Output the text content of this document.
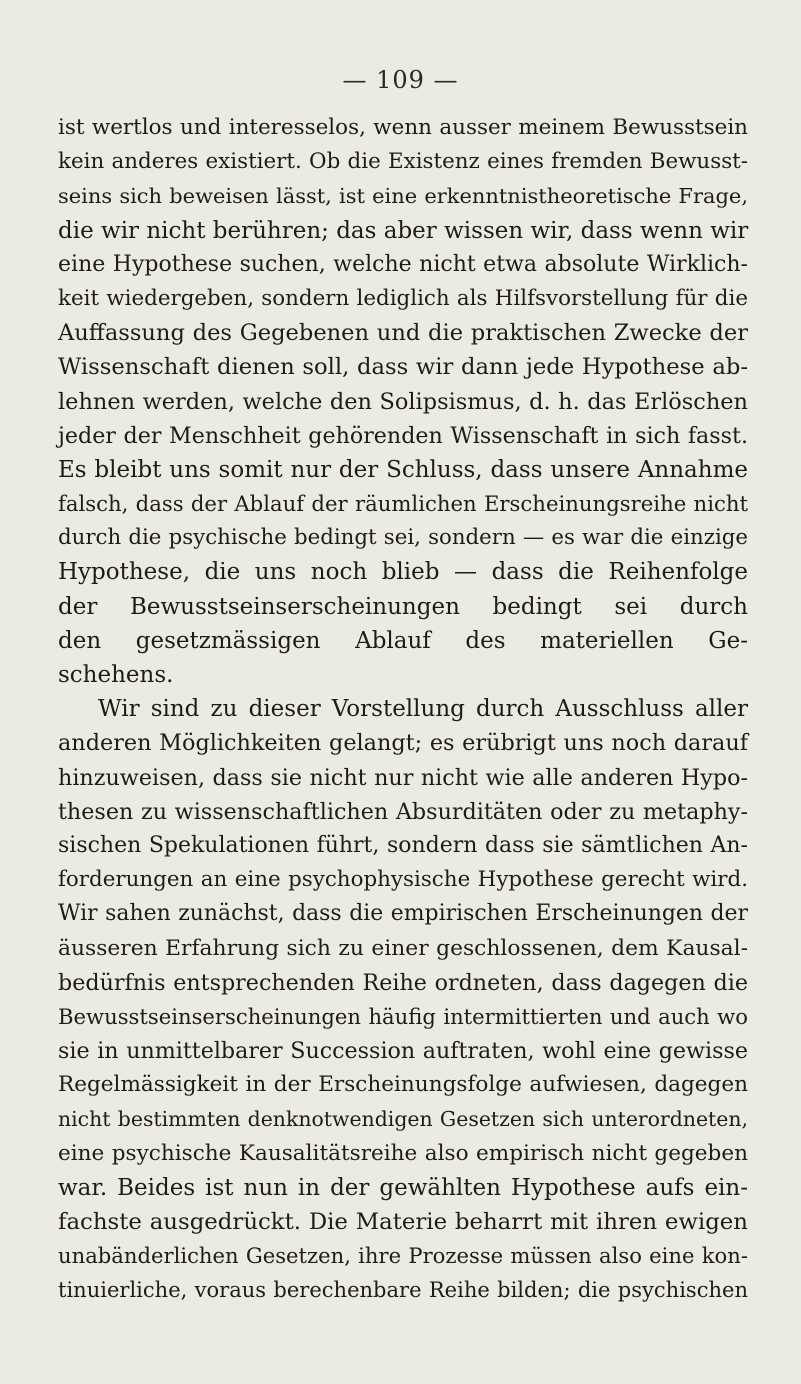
— 109 —
ist wertlos und interesselos, wenn ausser meinem Bewusstsein
kein anderes existiert. Ob die Existenz eines fremden Bewusst-
seins sich beweisen lässt, ist eine erkenntnistheoretische Frage,
die wir nicht berühren; das aber wissen wir, dass wenn wir
eine Hypothese suchen, welche nicht etwa absolute Wirklich-
keit wiedergeben, sondern lediglich als Hilfsvorstellung für die
Auffassung des Gegebenen und die praktischen Zwecke der
Wissenschaft dienen soll, dass wir dann jede Hypothese ab-
lehnen werden, welche den Solipsismus, d. h. das Erlöschen
jeder der Menschheit gehörenden Wissenschaft in sich fasst.
Es bleibt uns somit nur der Schluss, dass unsere Annahme
falsch, dass der Ablauf der räumlichen Erscheinungsreihe nicht
durch die psychische bedingt sei, sondern — es war die einzige
Hypothese, die uns noch blieb — dass die Reihenfolge
der Bewusstseinserscheinungen bedingt sei durch
den gesetzmässigen Ablauf des materiellen Ge-
schehens.
Wir sind zu dieser Vorstellung durch Ausschluss aller
anderen Möglichkeiten gelangt; es erübrigt uns noch darauf
hinzuweisen, dass sie nicht nur nicht wie alle anderen Hypo-
thesen zu wissenschaftlichen Absurditäten oder zu metaphy-
sischen Spekulationen führt, sondern dass sie sämtlichen An-
forderungen an eine psychophysische Hypothese gerecht wird.
Wir sahen zunächst, dass die empirischen Erscheinungen der
äusseren Erfahrung sich zu einer geschlossenen, dem Kausal-
bedürfnis entsprechenden Reihe ordneten, dass dagegen die
Bewusstseinserscheinungen häufig intermittierten und auch wo
sie in unmittelbarer Succession auftraten, wohl eine gewisse
Regelmässigkeit in der Erscheinungsfolge aufwiesen, dagegen
nicht bestimmten denknotwendigen Gesetzen sich unterordneten,
eine psychische Kausalitätsreihe also empirisch nicht gegeben
war. Beides ist nun in der gewählten Hypothese aufs ein-
fachste ausgedrückt. Die Materie beharrt mit ihren ewigen
unabänderlichen Gesetzen, ihre Prozesse müssen also eine kon-
tinuierliche, voraus berechenbare Reihe bilden; die psychischen
